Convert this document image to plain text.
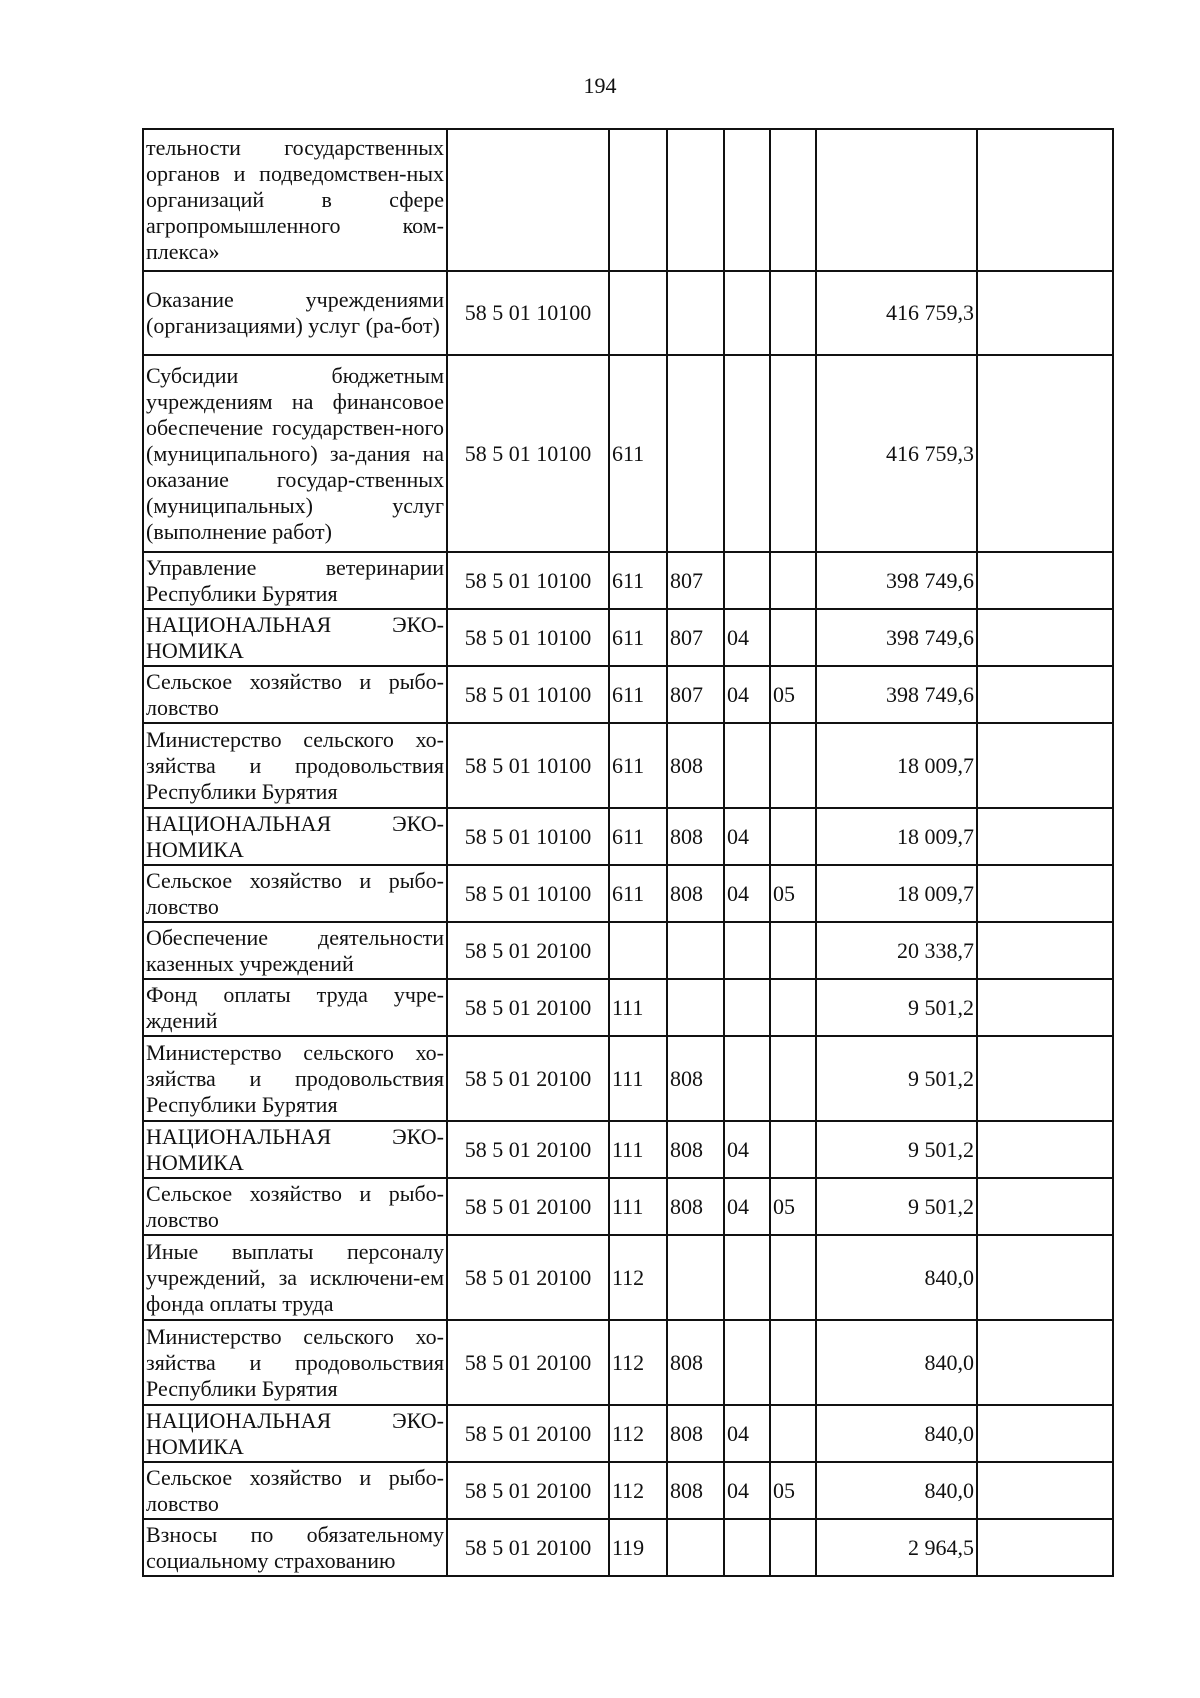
194
тельности государственных органов и подведомствен-ных организаций в сфере агропромышленного ком-плекса»							
Оказание учреждениями (организациями) услуг (ра-бот)	58 5 01 10100					416 759,3	
Субсидии бюджетным учреждениям на финансовое обеспечение государствен-ного (муниципального) за-дания на оказание государ-ственных (муниципальных) услуг (выполнение работ)	58 5 01 10100	611				416 759,3	
Управление ветеринарии Республики Бурятия	58 5 01 10100	611	807			398 749,6	
НАЦИОНАЛЬНАЯ ЭКО-НОМИКА	58 5 01 10100	611	807	04		398 749,6	
Сельское хозяйство и рыбо-ловство	58 5 01 10100	611	807	04	05	398 749,6	
Министерство сельского хо-зяйства и продовольствия Республики Бурятия	58 5 01 10100	611	808			18 009,7	
НАЦИОНАЛЬНАЯ ЭКО-НОМИКА	58 5 01 10100	611	808	04		18 009,7	
Сельское хозяйство и рыбо-ловство	58 5 01 10100	611	808	04	05	18 009,7	
Обеспечение деятельности казенных учреждений	58 5 01 20100					20 338,7	
Фонд оплаты труда учре-ждений	58 5 01 20100	111				9 501,2	
Министерство сельского хо-зяйства и продовольствия Республики Бурятия	58 5 01 20100	111	808			9 501,2	
НАЦИОНАЛЬНАЯ ЭКО-НОМИКА	58 5 01 20100	111	808	04		9 501,2	
Сельское хозяйство и рыбо-ловство	58 5 01 20100	111	808	04	05	9 501,2	
Иные выплаты персоналу учреждений, за исключени-ем фонда оплаты труда	58 5 01 20100	112				840,0	
Министерство сельского хо-зяйства и продовольствия Республики Бурятия	58 5 01 20100	112	808			840,0	
НАЦИОНАЛЬНАЯ ЭКО-НОМИКА	58 5 01 20100	112	808	04		840,0	
Сельское хозяйство и рыбо-ловство	58 5 01 20100	112	808	04	05	840,0	
Взносы по обязательному социальному страхованию	58 5 01 20100	119				2 964,5	
